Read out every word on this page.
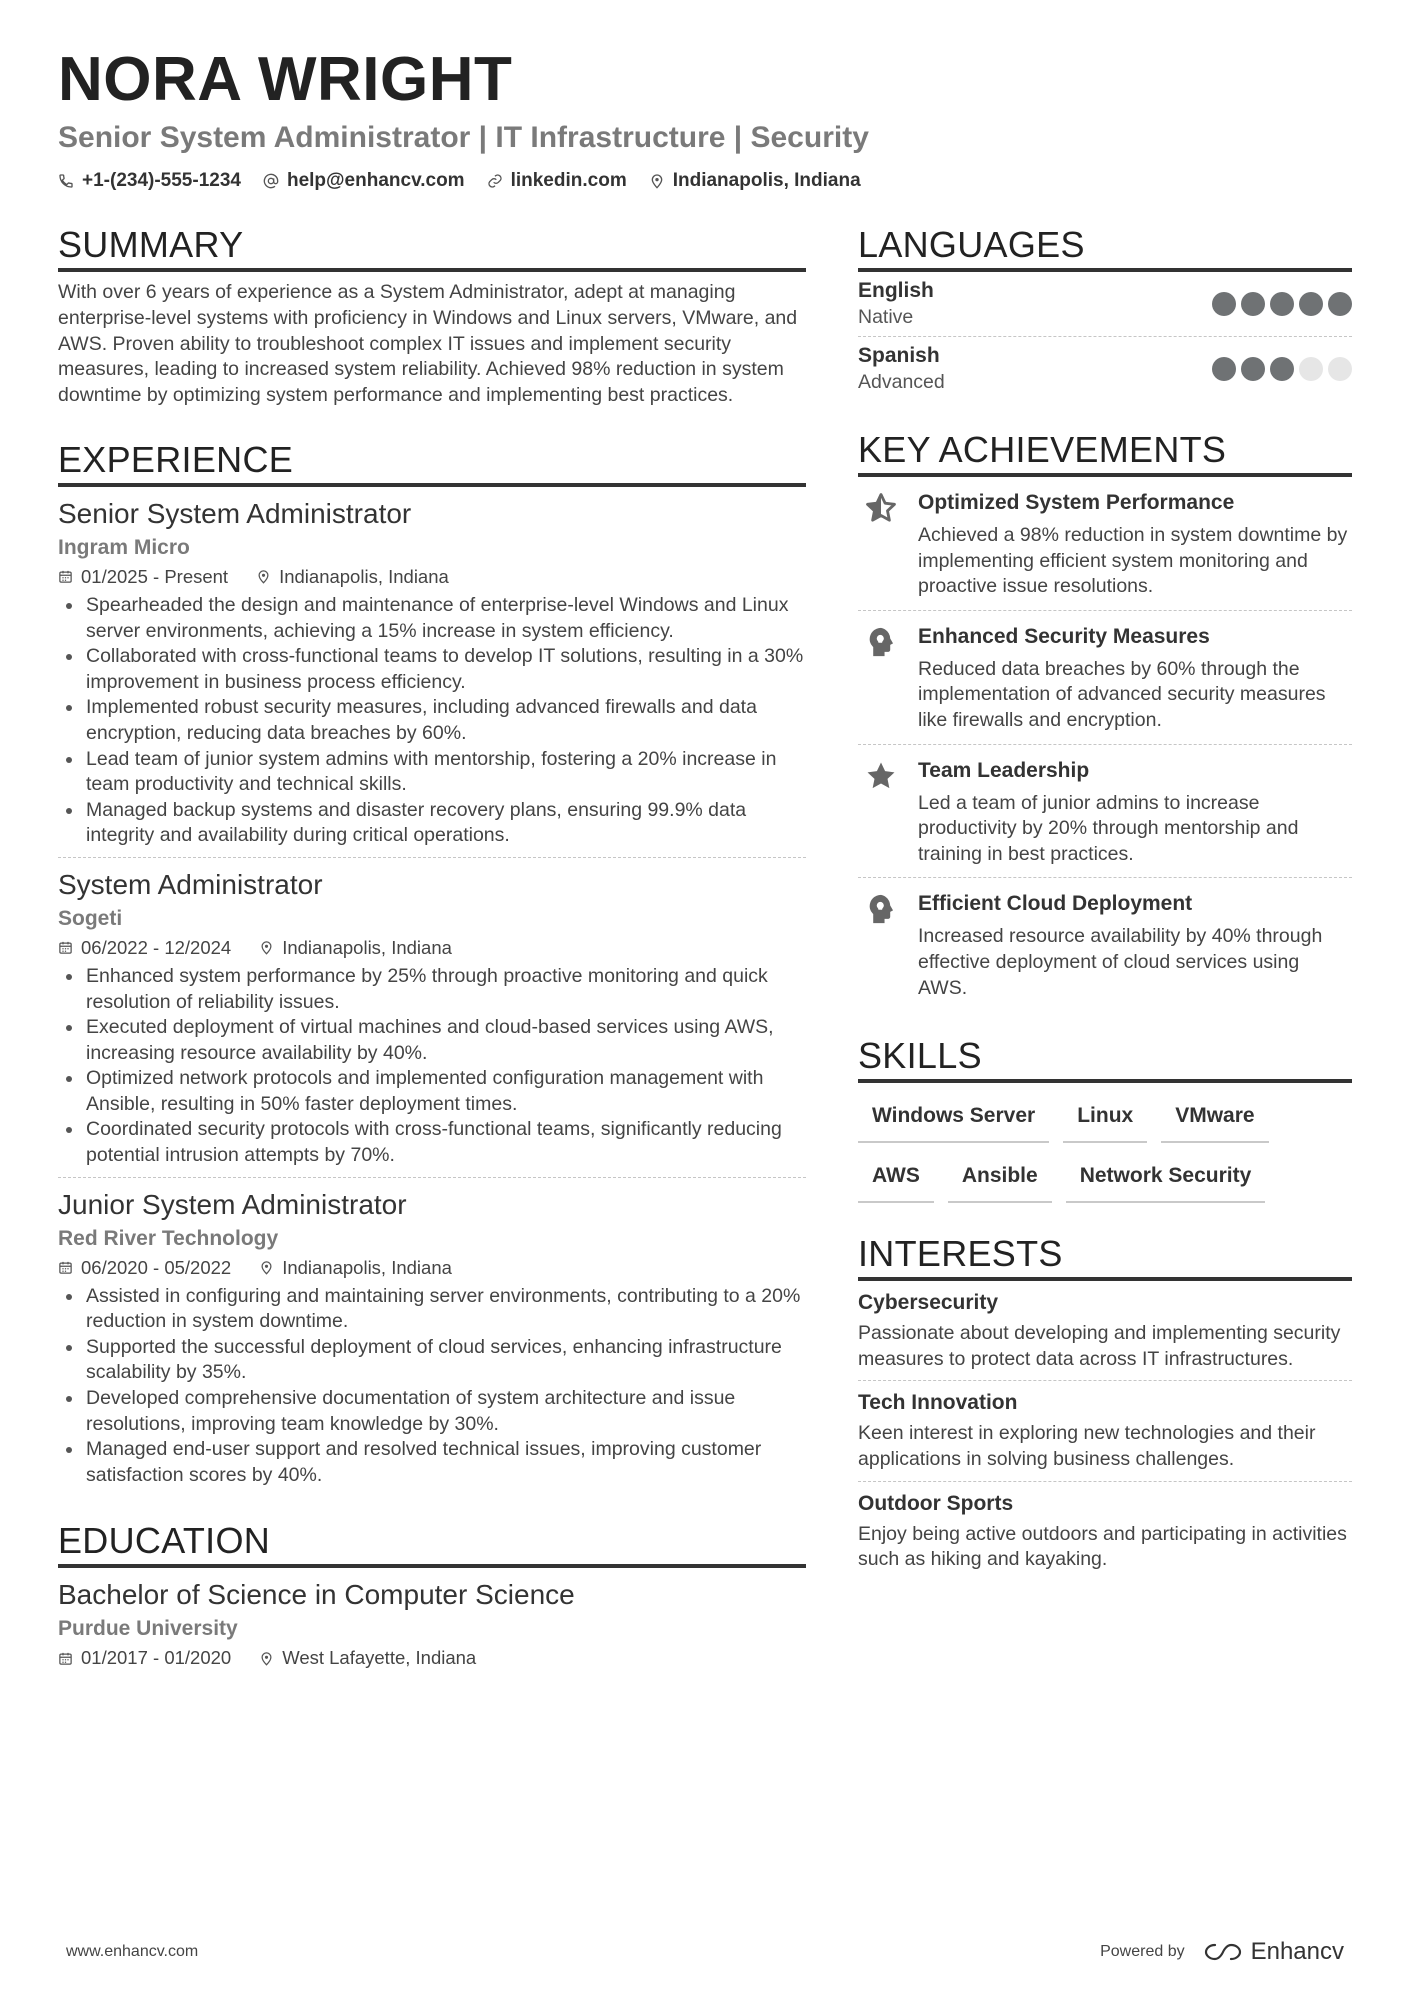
NORA WRIGHT
Senior System Administrator | IT Infrastructure | Security
+1-(234)-555-1234 help@enhancv.com linkedin.com Indianapolis, Indiana
SUMMARY

With over 6 years of experience as a System Administrator, adept at managing enterprise-level systems with proficiency in Windows and Linux servers, VMware, and AWS. Proven ability to troubleshoot complex IT issues and implement security measures, leading to increased system reliability. Achieved 98% reduction in system downtime by optimizing system performance and implementing best practices.

EXPERIENCE
Senior System Administrator
Ingram Micro
01/2025 - Present	Indianapolis, Indiana
Spearheaded the design and maintenance of enterprise-level Windows and Linux server environments, achieving a 15% increase in system efficiency.
Collaborated with cross-functional teams to develop IT solutions, resulting in a 30% improvement in business process efficiency.
Implemented robust security measures, including advanced firewalls and data encryption, reducing data breaches by 60%.
Lead team of junior system admins with mentorship, fostering a 20% increase in team productivity and technical skills.
Managed backup systems and disaster recovery plans, ensuring 99.9% data integrity and availability during critical operations.
System Administrator
Sogeti
06/2022 - 12/2024	Indianapolis, Indiana
Enhanced system performance by 25% through proactive monitoring and quick resolution of reliability issues.
Executed deployment of virtual machines and cloud-based services using AWS, increasing resource availability by 40%.
Optimized network protocols and implemented configuration management with Ansible, resulting in 50% faster deployment times.
Coordinated security protocols with cross-functional teams, significantly reducing potential intrusion attempts by 70%.
Junior System Administrator
Red River Technology
06/2020 - 05/2022	Indianapolis, Indiana
Assisted in configuring and maintaining server environments, contributing to a 20% reduction in system downtime.
Supported the successful deployment of cloud services, enhancing infrastructure scalability by 35%.
Developed comprehensive documentation of system architecture and issue resolutions, improving team knowledge by 30%.
Managed end-user support and resolved technical issues, improving customer satisfaction scores by 40%.
EDUCATION
Bachelor of Science in Computer Science
Purdue University
01/2017 - 01/2020	West Lafayette, Indiana
LANGUAGES
English
Native
Spanish
Advanced
KEY ACHIEVEMENTS
Optimized System Performance
Achieved a 98% reduction in system downtime by implementing efficient system monitoring and proactive issue resolutions.
Enhanced Security Measures
Reduced data breaches by 60% through the implementation of advanced security measures like firewalls and encryption.
Team Leadership
Led a team of junior admins to increase productivity by 20% through mentorship and training in best practices.
Efficient Cloud Deployment
Increased resource availability by 40% through effective deployment of cloud services using AWS.
SKILLS
Windows Server	Linux	VMware
AWS	Ansible	Network Security
INTERESTS
Cybersecurity
Passionate about developing and implementing security measures to protect data across IT infrastructures.
Tech Innovation
Keen interest in exploring new technologies and their applications in solving business challenges.
Outdoor Sports
Enjoy being active outdoors and participating in activities such as hiking and kayaking.
www.enhancv.com	Powered by	Enhancv
